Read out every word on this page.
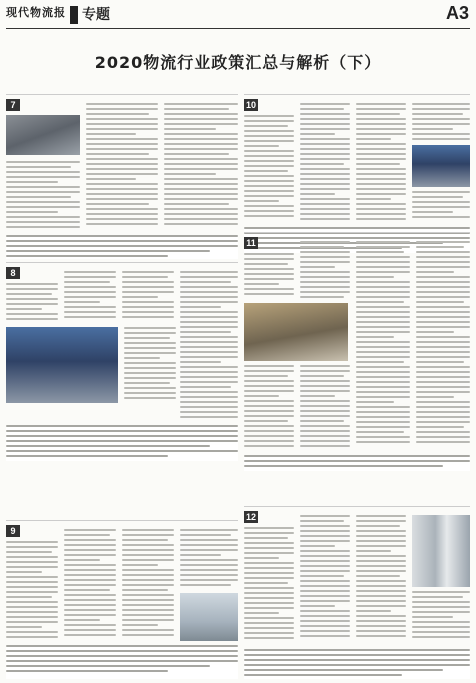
现代物流报 专题	A3
2020物流行业政策汇总与解析（下）
7
8
9
10
11
12
